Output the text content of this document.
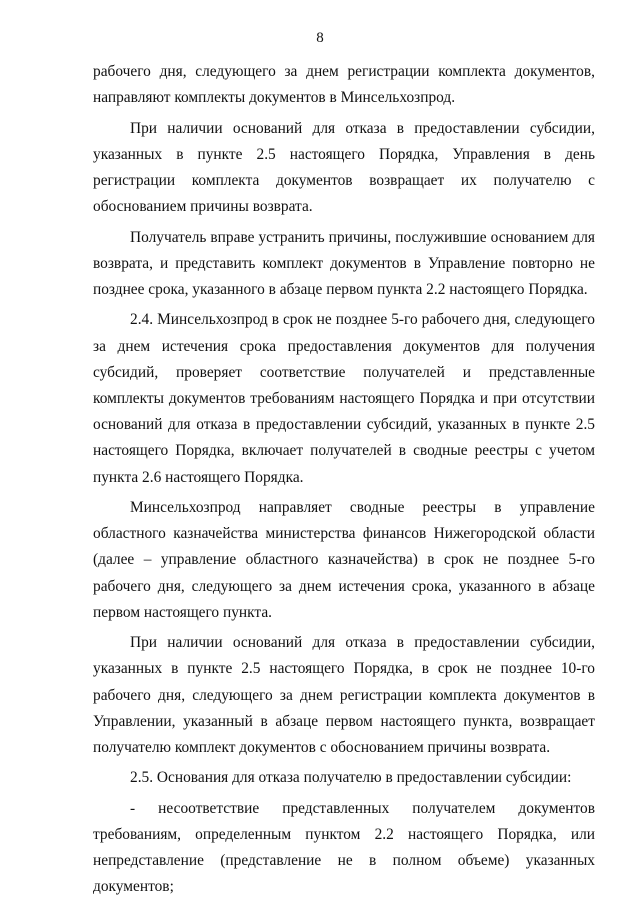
8

рабочего дня, следующего за днем регистрации комплекта документов, направляют комплекты документов в Минсельхозпрод.

При наличии оснований для отказа в предоставлении субсидии, указанных в пункте 2.5 настоящего Порядка, Управления в день регистрации комплекта документов возвращает их получателю с обоснованием причины возврата.

Получатель вправе устранить причины, послужившие основанием для возврата, и представить комплект документов в Управление повторно не позднее срока, указанного в абзаце первом пункта 2.2 настоящего Порядка.

2.4. Минсельхозпрод в срок не позднее 5-го рабочего дня, следующего за днем истечения срока предоставления документов для получения субсидий, проверяет соответствие получателей и представленные комплекты документов требованиям настоящего Порядка и при отсутствии оснований для отказа в предоставлении субсидий, указанных в пункте 2.5 настоящего Порядка, включает получателей в сводные реестры с учетом пункта 2.6 настоящего Порядка.

Минсельхозпрод направляет сводные реестры в управление областного казначейства министерства финансов Нижегородской области (далее – управление областного казначейства) в срок не позднее 5-го рабочего дня, следующего за днем истечения срока, указанного в абзаце первом настоящего пункта.

При наличии оснований для отказа в предоставлении субсидии, указанных в пункте 2.5 настоящего Порядка, в срок не позднее 10-го рабочего дня, следующего за днем регистрации комплекта документов в Управлении, указанный в абзаце первом настоящего пункта, возвращает получателю комплект документов с обоснованием причины возврата.

2.5. Основания для отказа получателю в предоставлении субсидии:

- несоответствие представленных получателем документов требованиям, определенным пунктом 2.2 настоящего Порядка, или непредставление (представление не в полном объеме) указанных документов;
